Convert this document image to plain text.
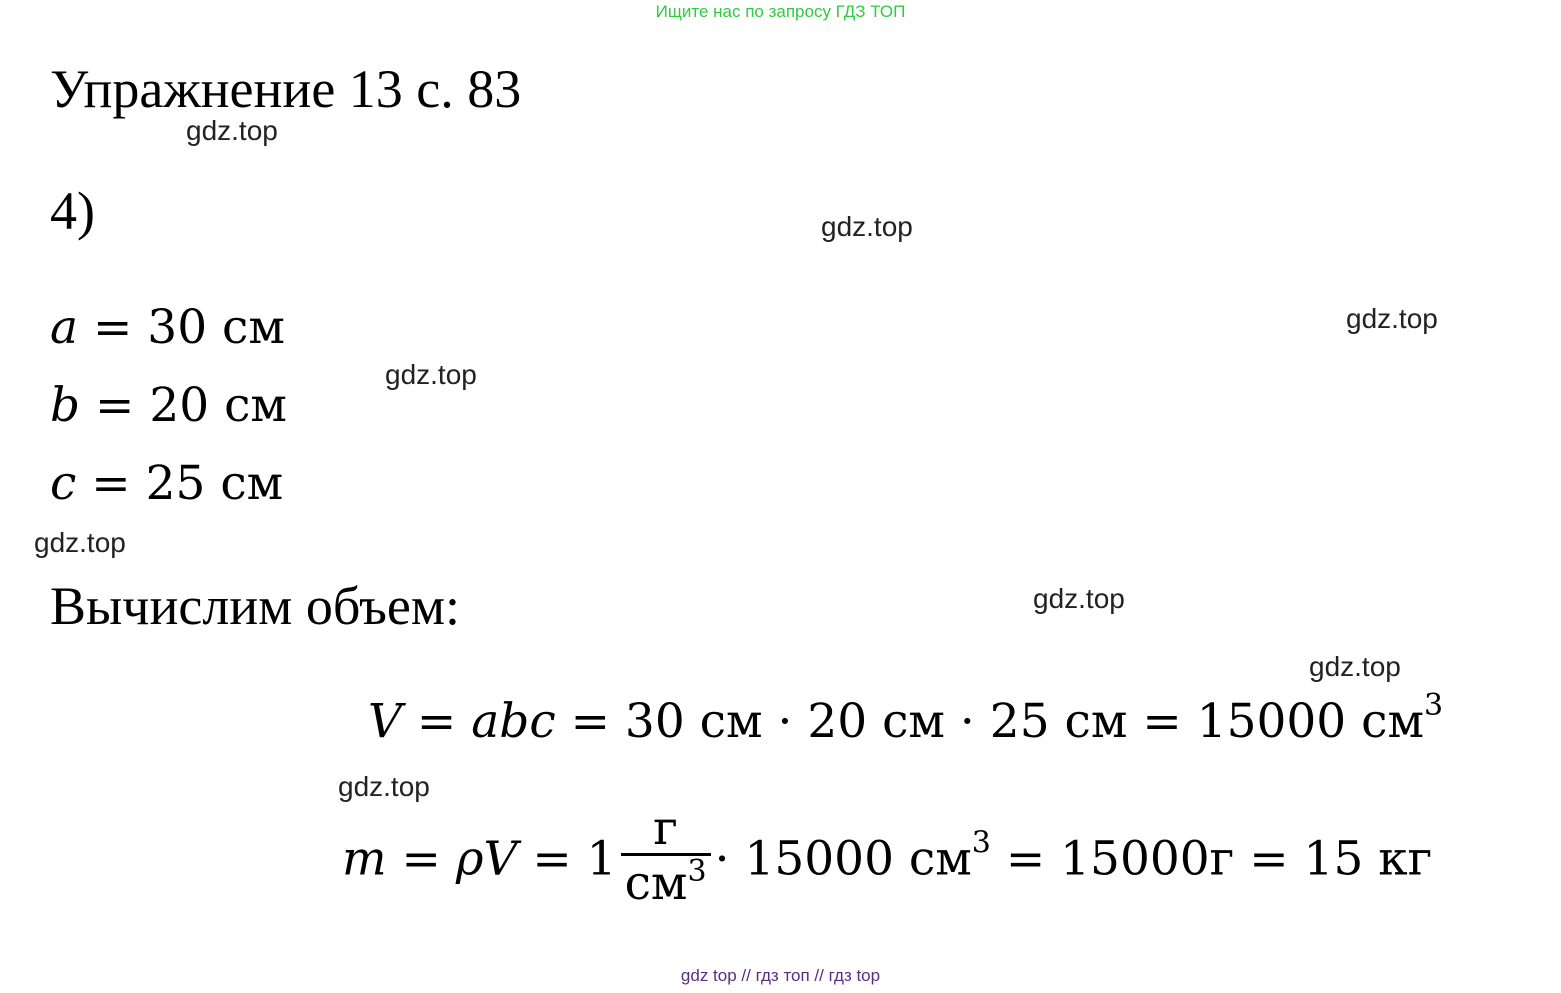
Ищите нас по запросу ГДЗ ТОП
Упражнение 13 с. 83
4)
a = 30 см
b = 20 см
c = 25 см
Вычислим объем:
V = abc = 30 см · 20 см · 25 см = 15000 $см^3$
$m = \rho V = 1 \frac{г}{см^3} \cdot 15000$ $см^3 = 15000г = 15$ кг
gdz.top
gdz.top
gdz.top
gdz.top
gdz.top
gdz.top
gdz.top
gdz.top
gdz top // гдз топ // гдз top
